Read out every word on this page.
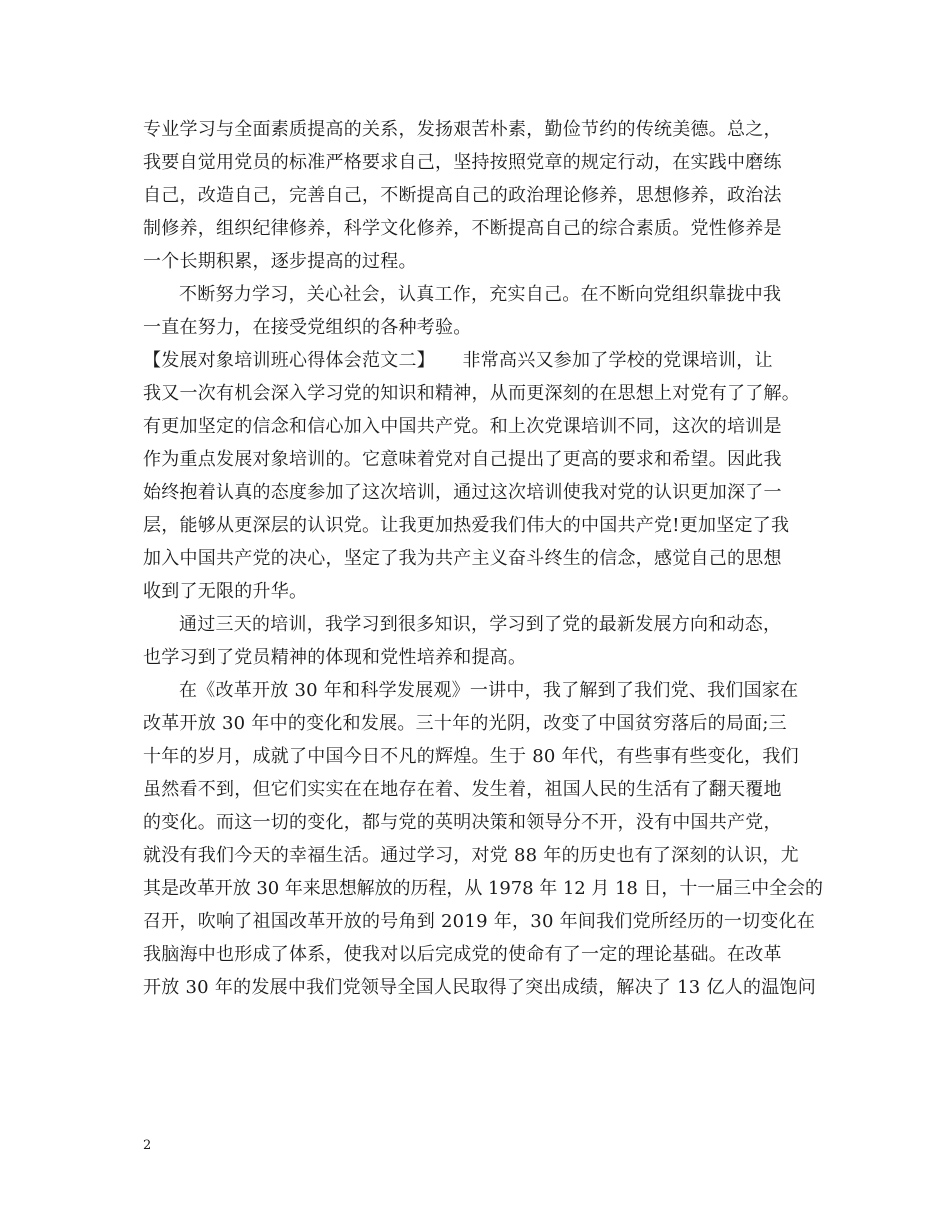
专业学习与全面素质提高的关系，发扬艰苦朴素，勤俭节约的传统美德。总之，
我要自觉用党员的标准严格要求自己，坚持按照党章的规定行动，在实践中磨练
自己，改造自己，完善自己，不断提高自己的政治理论修养，思想修养，政治法
制修养，组织纪律修养，科学文化修养，不断提高自己的综合素质。党性修养是
一个长期积累，逐步提高的过程。
不断努力学习，关心社会，认真工作，充实自己。在不断向党组织靠拢中我
一直在努力，在接受党组织的各种考验。
【发展对象培训班心得体会范文二】　　非常高兴又参加了学校的党课培训，让
我又一次有机会深入学习党的知识和精神，从而更深刻的在思想上对党有了了解。
有更加坚定的信念和信心加入中国共产党。和上次党课培训不同，这次的培训是
作为重点发展对象培训的。它意味着党对自己提出了更高的要求和希望。因此我
始终抱着认真的态度参加了这次培训，通过这次培训使我对党的认识更加深了一
层，能够从更深层的认识党。让我更加热爱我们伟大的中国共产党!更加坚定了我
加入中国共产党的决心，坚定了我为共产主义奋斗终生的信念，感觉自己的思想
收到了无限的升华。
通过三天的培训，我学习到很多知识，学习到了党的最新发展方向和动态，
也学习到了党员精神的体现和党性培养和提高。
在《改革开放 30 年和科学发展观》一讲中，我了解到了我们党、我们国家在
改革开放 30 年中的变化和发展。三十年的光阴，改变了中国贫穷落后的局面;三
十年的岁月，成就了中国今日不凡的辉煌。生于 80 年代，有些事有些变化，我们
虽然看不到，但它们实实在在地存在着、发生着，祖国人民的生活有了翻天覆地
的变化。而这一切的变化，都与党的英明决策和领导分不开，没有中国共产党，
就没有我们今天的幸福生活。通过学习，对党 88 年的历史也有了深刻的认识，尤
其是改革开放 30 年来思想解放的历程，从 1978 年 12 月 18 日，十一届三中全会的
召开，吹响了祖国改革开放的号角到 2019 年，30 年间我们党所经历的一切变化在
我脑海中也形成了体系，使我对以后完成党的使命有了一定的理论基础。在改革
开放 30 年的发展中我们党领导全国人民取得了突出成绩，解决了 13 亿人的温饱问
2
